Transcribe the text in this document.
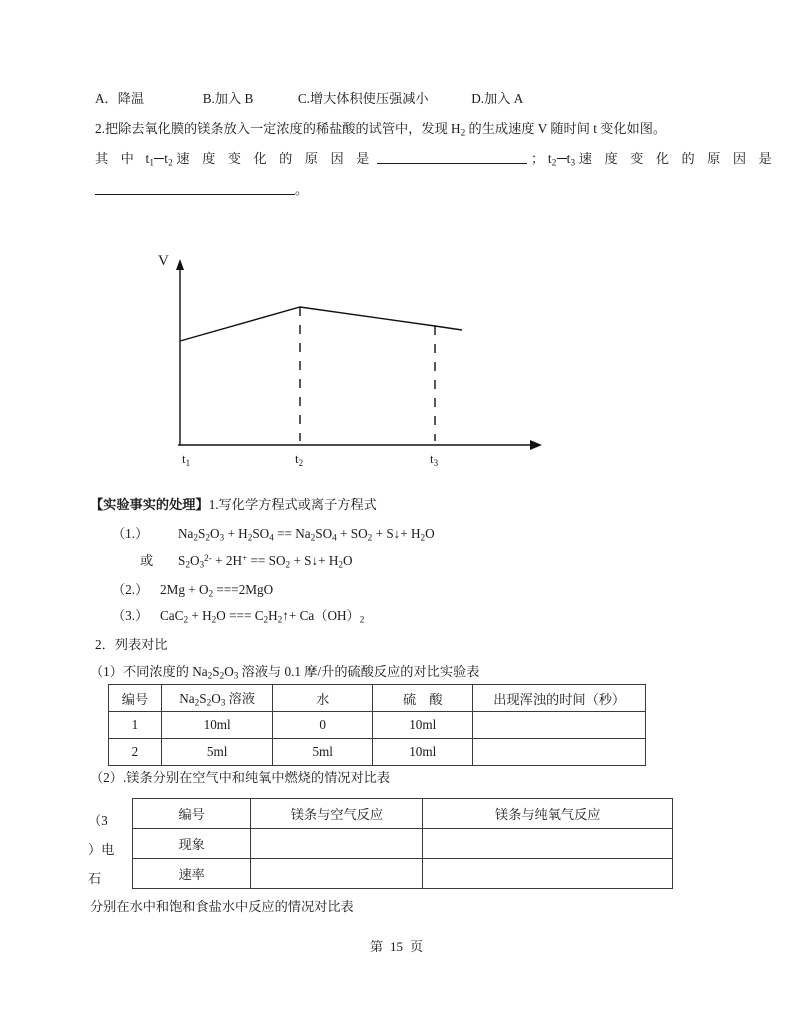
A．降温	B.加入 B	C.增大体积使压强减小	D.加入 A
2.把除去氧化膜的镁条放入一定浓度的稀盐酸的试管中，发现 $H_2$ 的生成速度 V 随时间 t 变化如图。
其 中 $t_1$ $t_2$ 速 度 变 化 的 原 因 是	； $t_2$ $t_3$ 速 度 变 化 的 原 因 是
。
V
$t_1$	$t_2$	$t_3$
【实验事实的处理】1.写化学方程式或离子方程式
（1.） $Na_2S_2O_3 + H_2SO_4 == Na_2SO_4 + SO_2$ + S↓+ $H_2O$
或 $S_2O_3^{2-} + 2H^+ == SO_2$ + S↓+ $H_2O$
（2.） $2Mg + O_2 ===2MgO$
（3.） $CaC_2 + H_2O$ === $C_2H_2↑+ Ca(OH)_2$
2．列表对比
（1）不同浓度的 $Na_2S_2O_3$ 溶液与 0.1 摩/升的硫酸反应的对比实验表
编号	$Na_2S_2O_3$ 溶液	水	硫　酸	出现浑浊的时间（秒）
1	10ml	0	10ml	
2	5ml	5ml	10ml	
（2）.镁条分别在空气中和纯氧中燃烧的情况对比表
（3
）电
石
编号	镁条与空气反应	镁条与纯氧气反应
现象		
速率		
分别在水中和饱和食盐水中反应的情况对比表
第 15 页
